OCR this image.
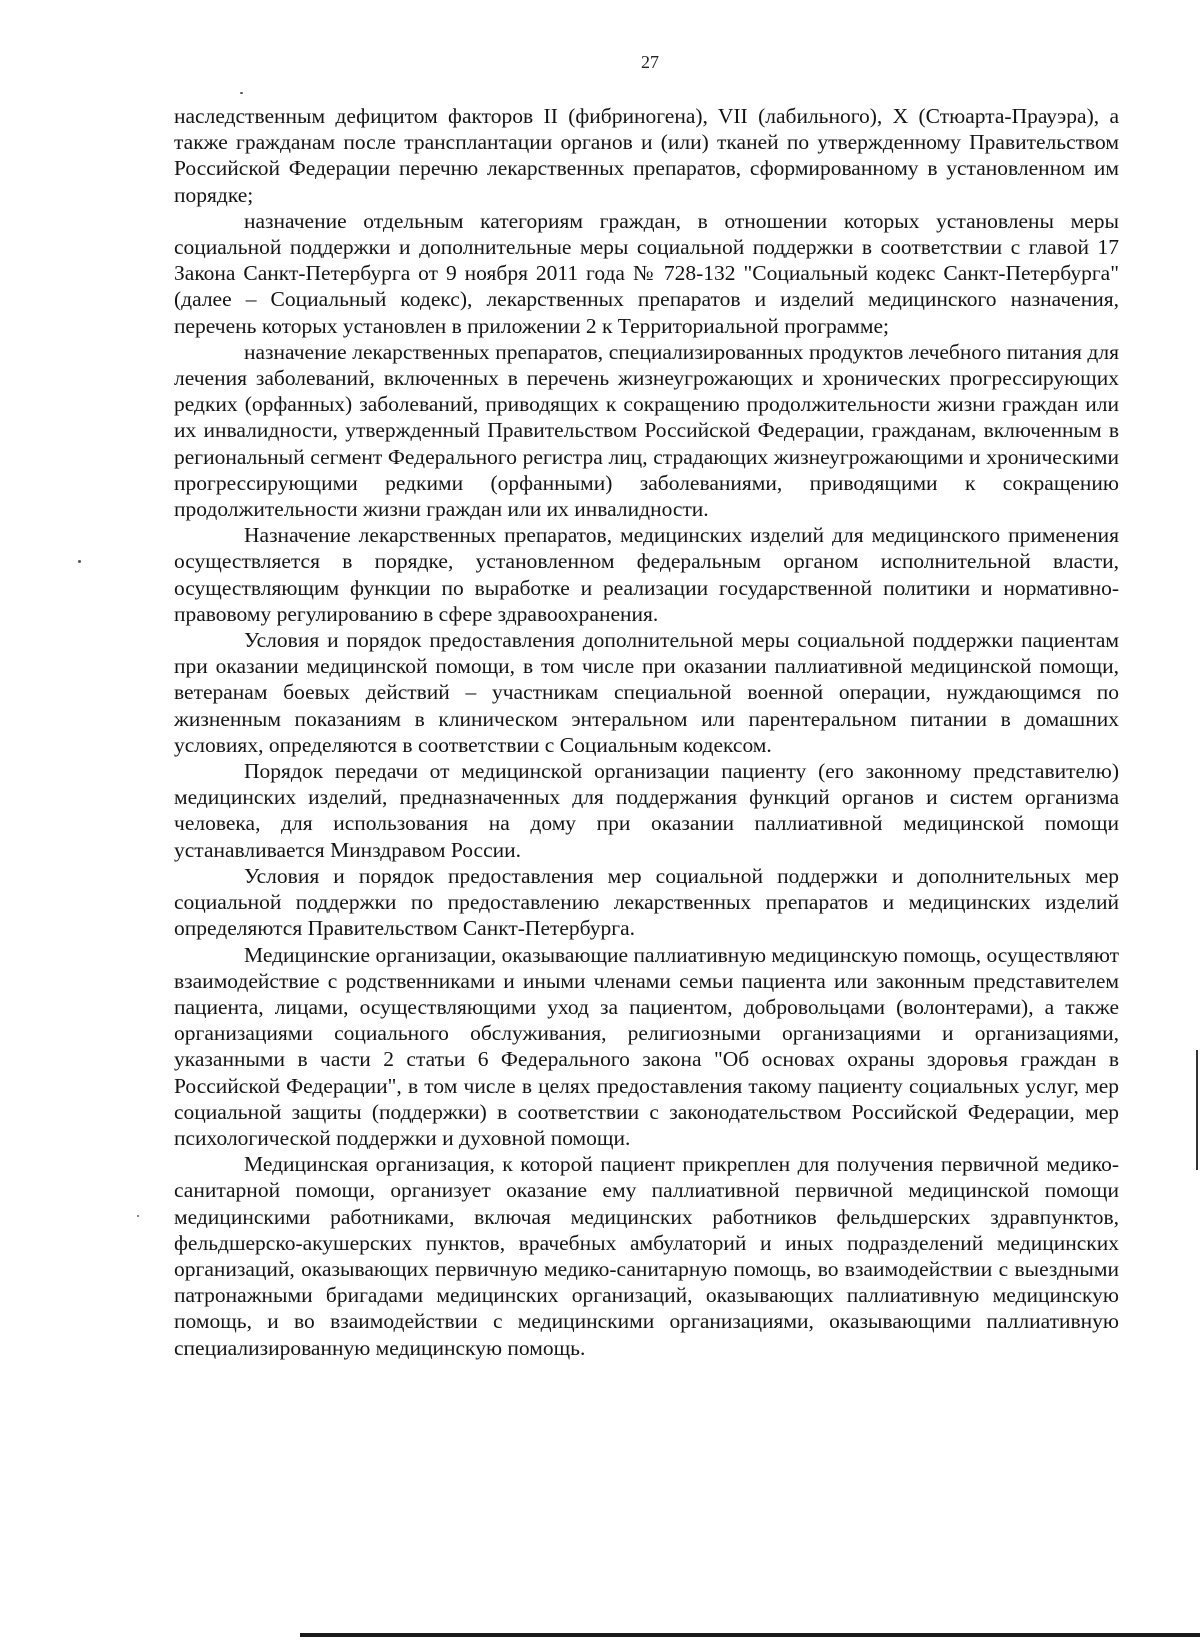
27

наследственным дефицитом факторов II (фибриногена), VII (лабильного), X (Стюарта-Прауэра), а также гражданам после трансплантации органов и (или) тканей по утвержденному Правительством Российской Федерации перечню лекарственных препаратов, сформированному в установленном им порядке;

назначение отдельным категориям граждан, в отношении которых установлены меры социальной поддержки и дополнительные меры социальной поддержки в соответствии с главой 17 Закона Санкт-Петербурга от 9 ноября 2011 года № 728-132 "Социальный кодекс Санкт-Петербурга" (далее – Социальный кодекс), лекарственных препаратов и изделий медицинского назначения, перечень которых установлен в приложении 2 к Территориальной программе;

назначение лекарственных препаратов, специализированных продуктов лечебного питания для лечения заболеваний, включенных в перечень жизнеугрожающих и хронических прогрессирующих редких (орфанных) заболеваний, приводящих к сокращению продолжительности жизни граждан или их инвалидности, утвержденный Правительством Российской Федерации, гражданам, включенным в региональный сегмент Федерального регистра лиц, страдающих жизнеугрожающими и хроническими прогрессирующими редкими (орфанными) заболеваниями, приводящими к сокращению продолжительности жизни граждан или их инвалидности.

Назначение лекарственных препаратов, медицинских изделий для медицинского применения осуществляется в порядке, установленном федеральным органом исполнительной власти, осуществляющим функции по выработке и реализации государственной политики и нормативно-правовому регулированию в сфере здравоохранения.

Условия и порядок предоставления дополнительной меры социальной поддержки пациентам при оказании медицинской помощи, в том числе при оказании паллиативной медицинской помощи, ветеранам боевых действий – участникам специальной военной операции, нуждающимся по жизненным показаниям в клиническом энтеральном или парентеральном питании в домашних условиях, определяются в соответствии с Социальным кодексом.

Порядок передачи от медицинской организации пациенту (его законному представителю) медицинских изделий, предназначенных для поддержания функций органов и систем организма человека, для использования на дому при оказании паллиативной медицинской помощи устанавливается Минздравом России.

Условия и порядок предоставления мер социальной поддержки и дополнительных мер социальной поддержки по предоставлению лекарственных препаратов и медицинских изделий определяются Правительством Санкт-Петербурга.

Медицинские организации, оказывающие паллиативную медицинскую помощь, осуществляют взаимодействие с родственниками и иными членами семьи пациента или законным представителем пациента, лицами, осуществляющими уход за пациентом, добровольцами (волонтерами), а также организациями социального обслуживания, религиозными организациями и организациями, указанными в части 2 статьи 6 Федерального закона "Об основах охраны здоровья граждан в Российской Федерации", в том числе в целях предоставления такому пациенту социальных услуг, мер социальной защиты (поддержки) в соответствии с законодательством Российской Федерации, мер психологической поддержки и духовной помощи.

Медицинская организация, к которой пациент прикреплен для получения первичной медико-санитарной помощи, организует оказание ему паллиативной первичной медицинской помощи медицинскими работниками, включая медицинских работников фельдшерских здравпунктов, фельдшерско-акушерских пунктов, врачебных амбулаторий и иных подразделений медицинских организаций, оказывающих первичную медико-санитарную помощь, во взаимодействии с выездными патронажными бригадами медицинских организаций, оказывающих паллиативную медицинскую помощь, и во взаимодействии с медицинскими организациями, оказывающими паллиативную специализированную медицинскую помощь.
